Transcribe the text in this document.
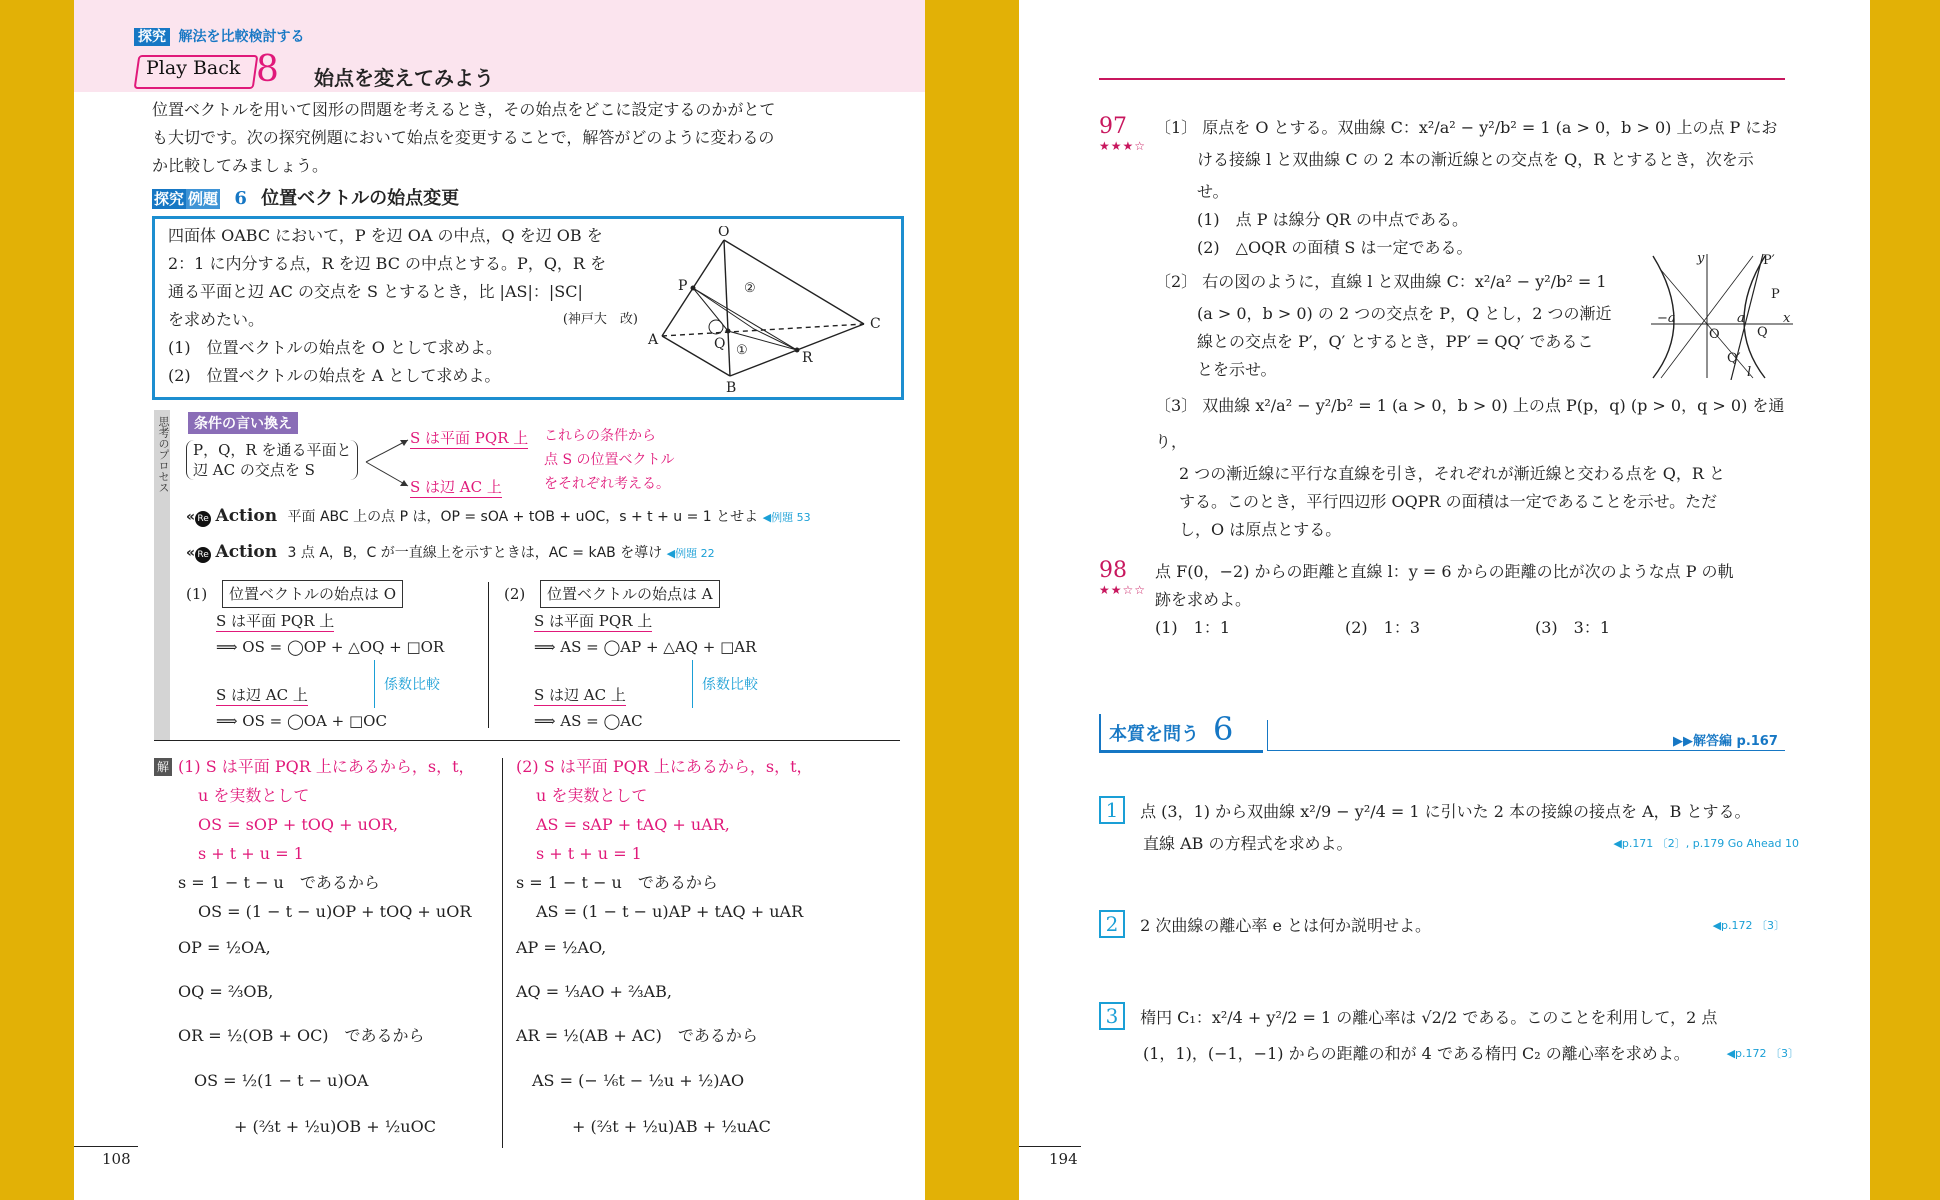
探究 解法を比較検討する
Play Back 8 始点を変えてみよう
位置ベクトルを用いて図形の問題を考えるとき，その始点をどこに設定するのかがとて
も大切です。次の探究例題において始点を変更することで，解答がどのように変わるの
か比較してみましょう。
探究 例題 6 位置ベクトルの始点変更
四面体 OABC において，P を辺 OA の中点，Q を辺 OB を
2：1 に内分する点，R を辺 BC の中点とする。P，Q，R を
通る平面と辺 AC の交点を S とするとき，比 |AS|：|SC|
を求めたい。	(神戸大　改)
(1)　位置ベクトルの始点を O として求めよ。
(2)　位置ベクトルの始点を A として求めよ。
O
P
A	Q
B
R
C
①
②
思考のプロセス	条件の言い換え
P，Q，R を通る平面と
辺 AC の交点を S
S は平面 PQR 上
S は辺 AC 上
これらの条件から
点 S の位置ベクトル
をそれぞれ考える。
« Re Action 平面 ABC 上の点 P は，OP = sOA + tOB + uOC，s + t + u = 1 とせよ ◀例題 53
« Re Action 3 点 A，B，C が一直線上を示すときは，AC = kAB を導け ◀例題 22
(1) 位置ベクトルの始点は O
S は平面 PQR 上
⟹ OS = ◯OP + △OQ + □OR
S は辺 AC 上
⟹ OS = ◯OA + □OC
係数比較
(2) 位置ベクトルの始点は A
S は平面 PQR 上
⟹ AS = ◯AP + △AQ + □AR
S は辺 AC 上
⟹ AS = ◯AC
係数比較
解 (1) S は平面 PQR 上にあるから，s，t，
u を実数として
OS = sOP + tOQ + uOR,
s + t + u = 1
s = 1 − t − u　であるから
OS = (1 − t − u)OP + tOQ + uOR
OP = ½OA,
OQ = ⅔OB,
OR = ½(OB + OC)　であるから
OS = ½(1 − t − u)OA
+ (⅔t + ½u)OB + ½uOC
(2) S は平面 PQR 上にあるから，s，t，
u を実数として
AS = sAP + tAQ + uAR,
s + t + u = 1
s = 1 − t − u　であるから
AS = (1 − t − u)AP + tAQ + uAR
AP = ½AO,
AQ = ⅓AO + ⅔AB,
AR = ½(AB + AC)　であるから
AS = (− ⅙t − ½u + ½)AO
+ (⅔t + ½u)AB + ½uAC
108
97
★★★☆
〔1〕 原点を O とする。双曲線 C：x²/a² − y²/b² = 1 (a > 0，b > 0) 上の点 P にお
ける接線 l と双曲線 C の 2 本の漸近線との交点を Q，R とするとき，次を示
せ。
(1)　点 P は線分 QR の中点である。
(2)　△OQR の面積 S は一定である。
〔2〕 右の図のように，直線 l と双曲線 C：x²/a² − y²/b² = 1
(a > 0，b > 0) の 2 つの交点を P，Q とし，2 つの漸近
線との交点を P′，Q′ とするとき，PP′ = QQ′ であるこ
とを示せ。
y
x
O
a
−a
P
P′
Q
Q′
l
〔3〕 双曲線 x²/a² − y²/b² = 1 (a > 0，b > 0) 上の点 P(p，q) (p > 0，q > 0) を通り，
2 つの漸近線に平行な直線を引き，それぞれが漸近線と交わる点を Q，R と
する。このとき，平行四辺形 OQPR の面積は一定であることを示せ。ただ
し，O は原点とする。
98
★★☆☆
点 F(0，−2) からの距離と直線 l：y = 6 からの距離の比が次のような点 P の軌
跡を求めよ。
(1)　1：1	(2)　1：3	(3)　3：1
本質を問う 6	▶▶解答編 p.167
1 点 (3，1) から双曲線 x²/9 − y²/4 = 1 に引いた 2 本の接線の接点を A，B とする。
直線 AB の方程式を求めよ。	◀p.171 〔2〕, p.179 Go Ahead 10
2 2 次曲線の離心率 e とは何か説明せよ。	◀p.172 〔3〕
3 楕円 C₁：x²/4 + y²/2 = 1 の離心率は √2/2 である。このことを利用して，2 点
(1，1)，(−1，−1) からの距離の和が 4 である楕円 C₂ の離心率を求めよ。	◀p.172 〔3〕
194
